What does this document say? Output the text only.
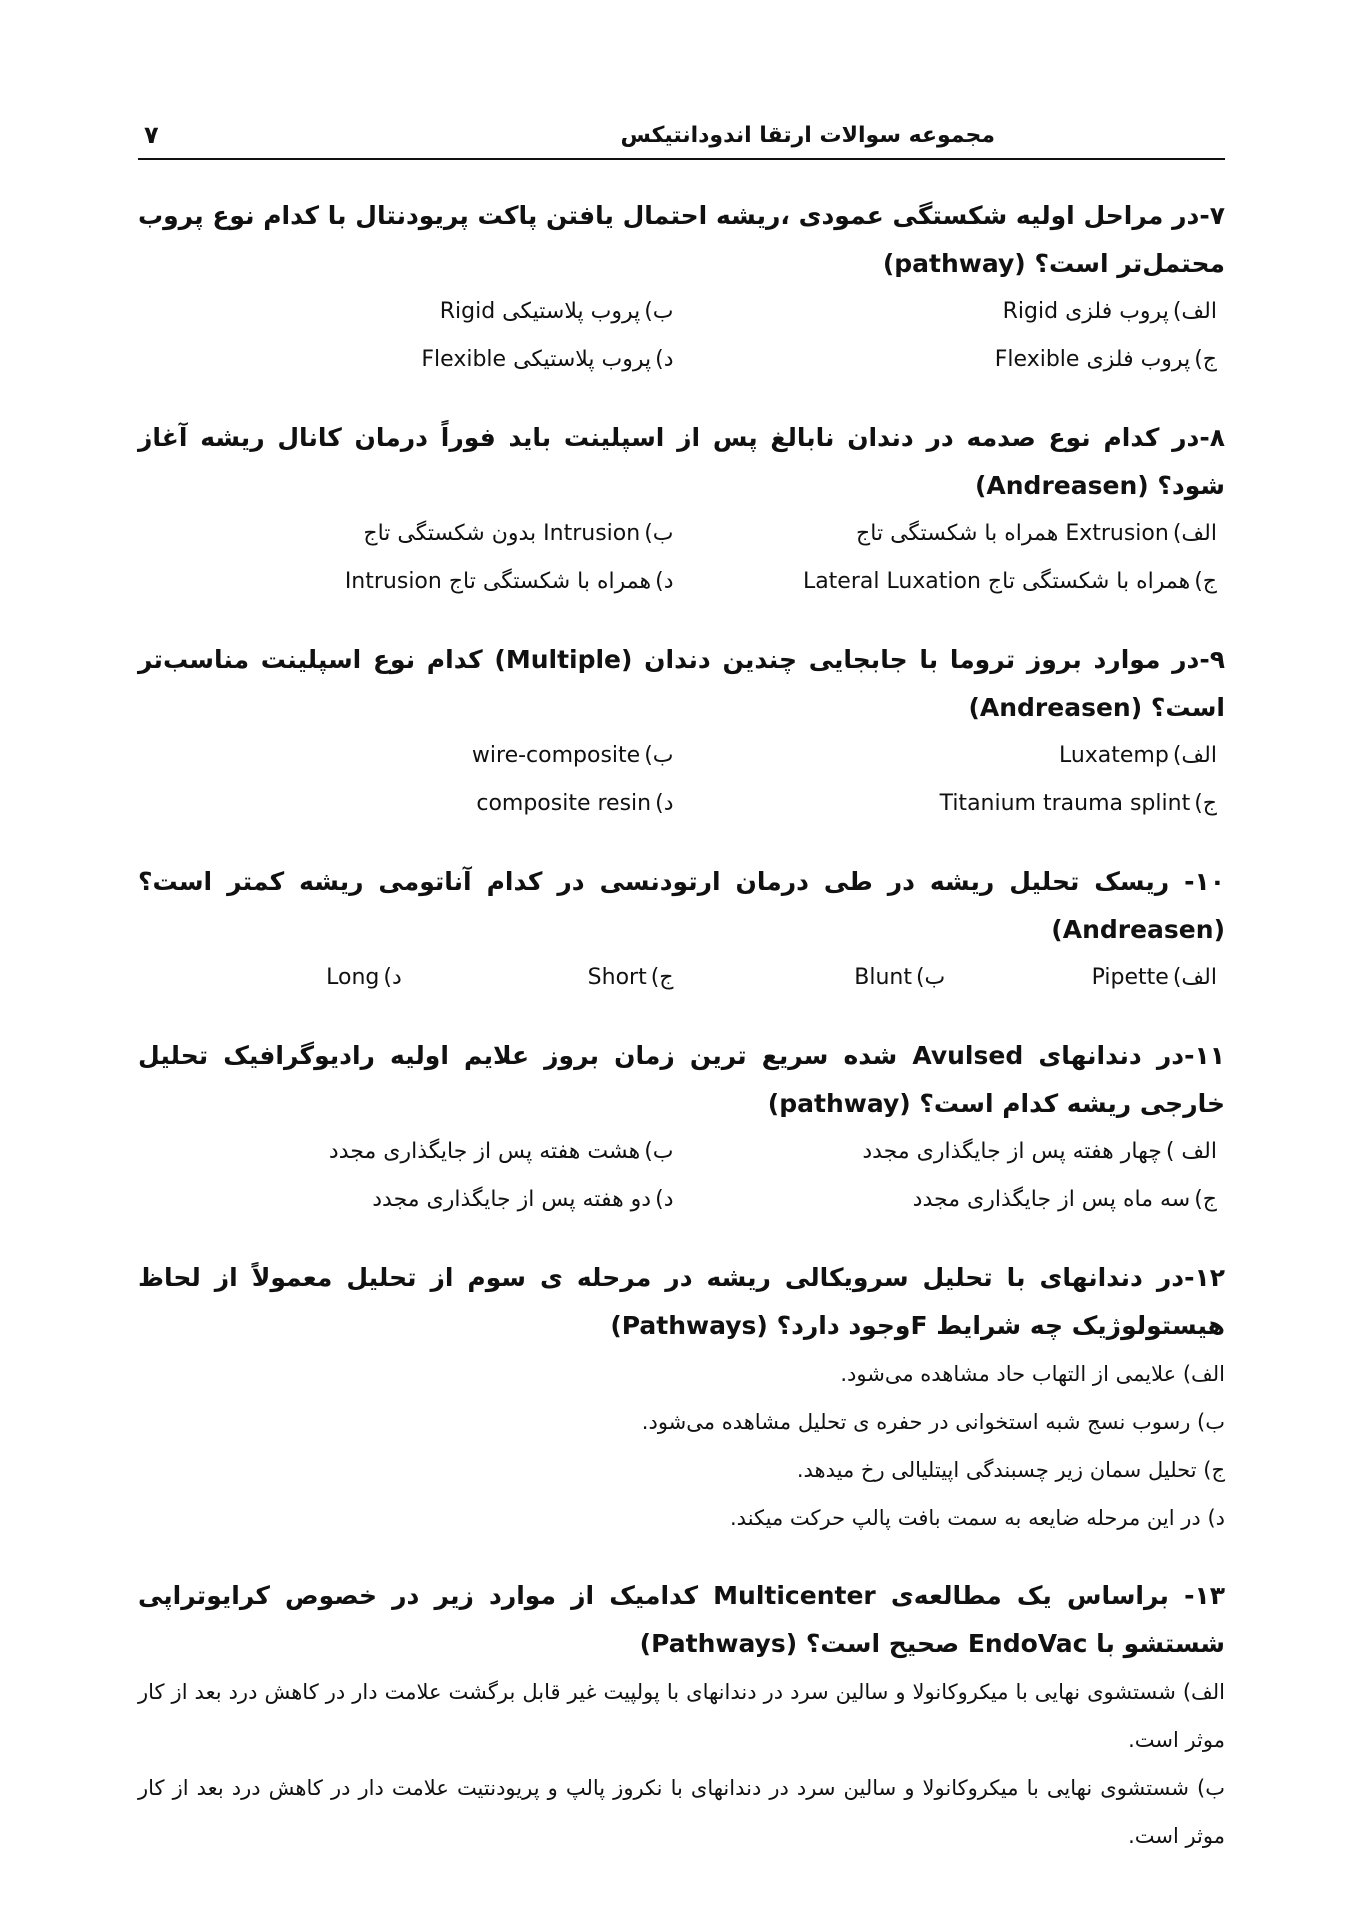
مجموعه سوالات ارتقا اندودانتیکس
۷
۷-در مراحل اولیه شکستگی عمودی ،ریشه احتمال یافتن پاکت پریودنتال با کدام نوع پروب محتمل‌تر است؟ (pathway)
الف)پروب فلزی Rigid
ب)پروب پلاستیکی Rigid
ج)پروب فلزی Flexible
د)پروب پلاستیکی Flexible
۸-در کدام نوع صدمه در دندان نابالغ پس از اسپلینت باید فوراً درمان کانال ریشه آغاز شود؟ (Andreasen)
الف)Extrusion همراه با شکستگی تاج
ب)Intrusion بدون شکستگی تاج
ج)همراه با شکستگی تاج Lateral Luxation
د)همراه با شکستگی تاج Intrusion
۹-در موارد بروز تروما با جابجایی چندین دندان (Multiple) کدام نوع اسپلینت مناسب‌تر است؟ (Andreasen)
الف)Luxatemp
ب)wire-composite
ج)Titanium trauma splint
د)composite resin
۱۰- ریسک تحلیل ریشه در طی درمان ارتودنسی در کدام آناتومی ریشه کمتر است؟ (Andreasen)
الف)Pipette
ب)Blunt
ج)Short
د)Long
۱۱-در دندانهای Avulsed شده سریع ترین زمان بروز علایم اولیه رادیوگرافیک تحلیل خارجی ریشه کدام است؟ (pathway)
الف )چهار هفته پس از جایگذاری مجدد
ب)هشت هفته پس از جایگذاری مجدد
ج)سه ماه پس از جایگذاری مجدد
د)دو هفته پس از جایگذاری مجدد
۱۲-در دندانهای با تحلیل سرویکالی ریشه در مرحله ی سوم از تحلیل معمولاً از لحاظ هیستولوژیک چه شرایط Fوجود دارد؟ (Pathways)
الف) علایمی از التهاب حاد مشاهده می‌شود.
ب) رسوب نسج شبه استخوانی در حفره ی تحلیل مشاهده می‌شود.
ج) تحلیل سمان زیر چسبندگی اپیتلیالی رخ میدهد.
د) در این مرحله ضایعه به سمت بافت پالپ حرکت میکند.
۱۳- براساس یک مطالعه‌ی Multicenter کدامیک از موارد زیر در خصوص کرایوتراپی شستشو با EndoVac صحیح است؟ (Pathways)
الف) شستشوی نهایی با میکروکانولا و سالین سرد در دندانهای با پولپیت غیر قابل برگشت علامت دار در کاهش درد بعد از کار موثر است.
ب) شستشوی نهایی با میکروکانولا و سالین سرد در دندانهای با نکروز پالپ و پریودنتیت علامت دار در کاهش درد بعد از کار موثر است.
